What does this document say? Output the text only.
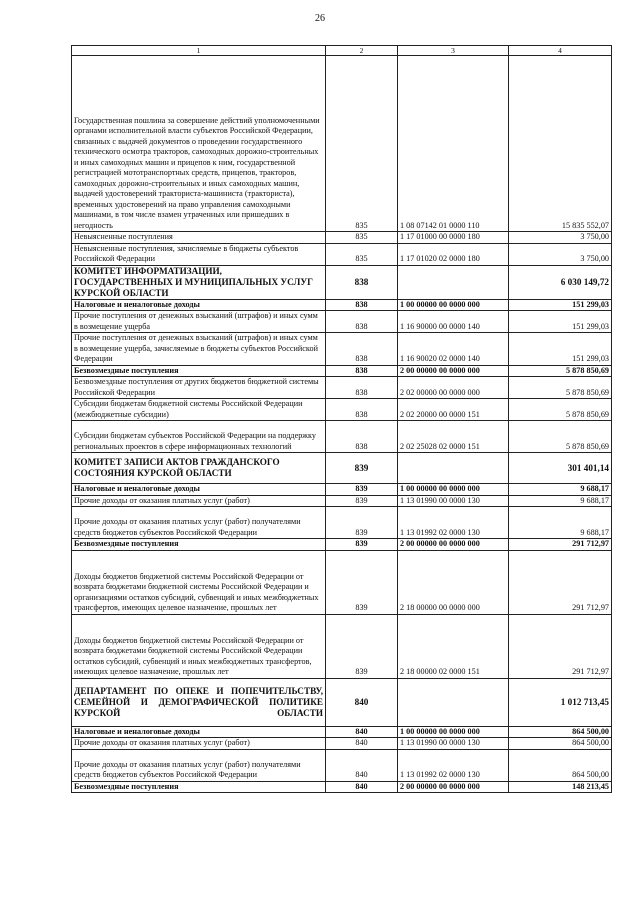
26
1	2	3	4
Государственная пошлина за совершение действий уполномоченными органами исполнительной власти субъектов Российской Федерации, связанных с выдачей документов о проведении государственного технического осмотра тракторов, самоходных дорожно-строительных и иных самоходных машин и прицепов к ним, государственной регистрацией мототранспортных средств, прицепов, тракторов, самоходных дорожно-строительных и иных самоходных машин, выдачей удостоверений тракториста-машиниста (тракториста), временных удостоверений на право управления самоходными машинами, в том числе взамен утраченных или пришедших в негодность	835	1 08 07142 01 0000 110	15 835 552,07
Невыясненные поступления	835	1 17 01000 00 0000 180	3 750,00
Невыясненные поступления, зачисляемые в бюджеты субъектов Российской Федерации	835	1 17 01020 02 0000 180	3 750,00
КОМИТЕТ ИНФОРМАТИЗАЦИИ, ГОСУДАРСТВЕННЫХ И МУНИЦИПАЛЬНЫХ УСЛУГ КУРСКОЙ ОБЛАСТИ	838		6 030 149,72
Налоговые и неналоговые доходы	838	1 00 00000 00 0000 000	151 299,03
Прочие поступления от денежных взысканий (штрафов) и иных сумм в возмещение ущерба	838	1 16 90000 00 0000 140	151 299,03
Прочие поступления от денежных взысканий (штрафов) и иных сумм в возмещение ущерба, зачисляемые в бюджеты субъектов Российской Федерации	838	1 16 90020 02 0000 140	151 299,03
Безвозмездные поступления	838	2 00 00000 00 0000 000	5 878 850,69
Безвозмездные поступления от других бюджетов бюджетной системы Российской Федерации	838	2 02 00000 00 0000 000	5 878 850,69
Субсидии бюджетам бюджетной системы Российской Федерации (межбюджетные субсидии)	838	2 02 20000 00 0000 151	5 878 850,69
Субсидии бюджетам субъектов Российской Федерации на поддержку региональных проектов в сфере информационных технологий	838	2 02 25028 02 0000 151	5 878 850,69
КОМИТЕТ ЗАПИСИ АКТОВ ГРАЖДАНСКОГО СОСТОЯНИЯ КУРСКОЙ ОБЛАСТИ	839		301 401,14
Налоговые и неналоговые доходы	839	1 00 00000 00 0000 000	9 688,17
Прочие доходы от оказания платных услуг (работ)	839	1 13 01990 00 0000 130	9 688,17
Прочие доходы от оказания платных услуг (работ) получателями средств бюджетов субъектов Российской Федерации	839	1 13 01992 02 0000 130	9 688,17
Безвозмездные поступления	839	2 00 00000 00 0000 000	291 712,97
Доходы бюджетов бюджетной системы Российской Федерации от возврата бюджетами бюджетной системы Российской Федерации и организациями остатков субсидий, субвенций и иных межбюджетных трансфертов, имеющих целевое назначение, прошлых лет	839	2 18 00000 00 0000 000	291 712,97
Доходы бюджетов бюджетной системы Российской Федерации от возврата бюджетами бюджетной системы Российской Федерации остатков субсидий, субвенций и иных межбюджетных трансфертов, имеющих целевое назначение, прошлых лет	839	2 18 00000 02 0000 151	291 712,97
ДЕПАРТАМЕНТ ПО ОПЕКЕ И ПОПЕЧИТЕЛЬСТВУ, СЕМЕЙНОЙ И ДЕМОГРАФИЧЕСКОЙ ПОЛИТИКЕ КУРСКОЙ ОБЛАСТИ	840		1 012 713,45
Налоговые и неналоговые доходы	840	1 00 00000 00 0000 000	864 500,00
Прочие доходы от оказания платных услуг (работ)	840	1 13 01990 00 0000 130	864 500,00
Прочие доходы от оказания платных услуг (работ) получателями средств бюджетов субъектов Российской Федерации	840	1 13 01992 02 0000 130	864 500,00
Безвозмездные поступления	840	2 00 00000 00 0000 000	148 213,45
